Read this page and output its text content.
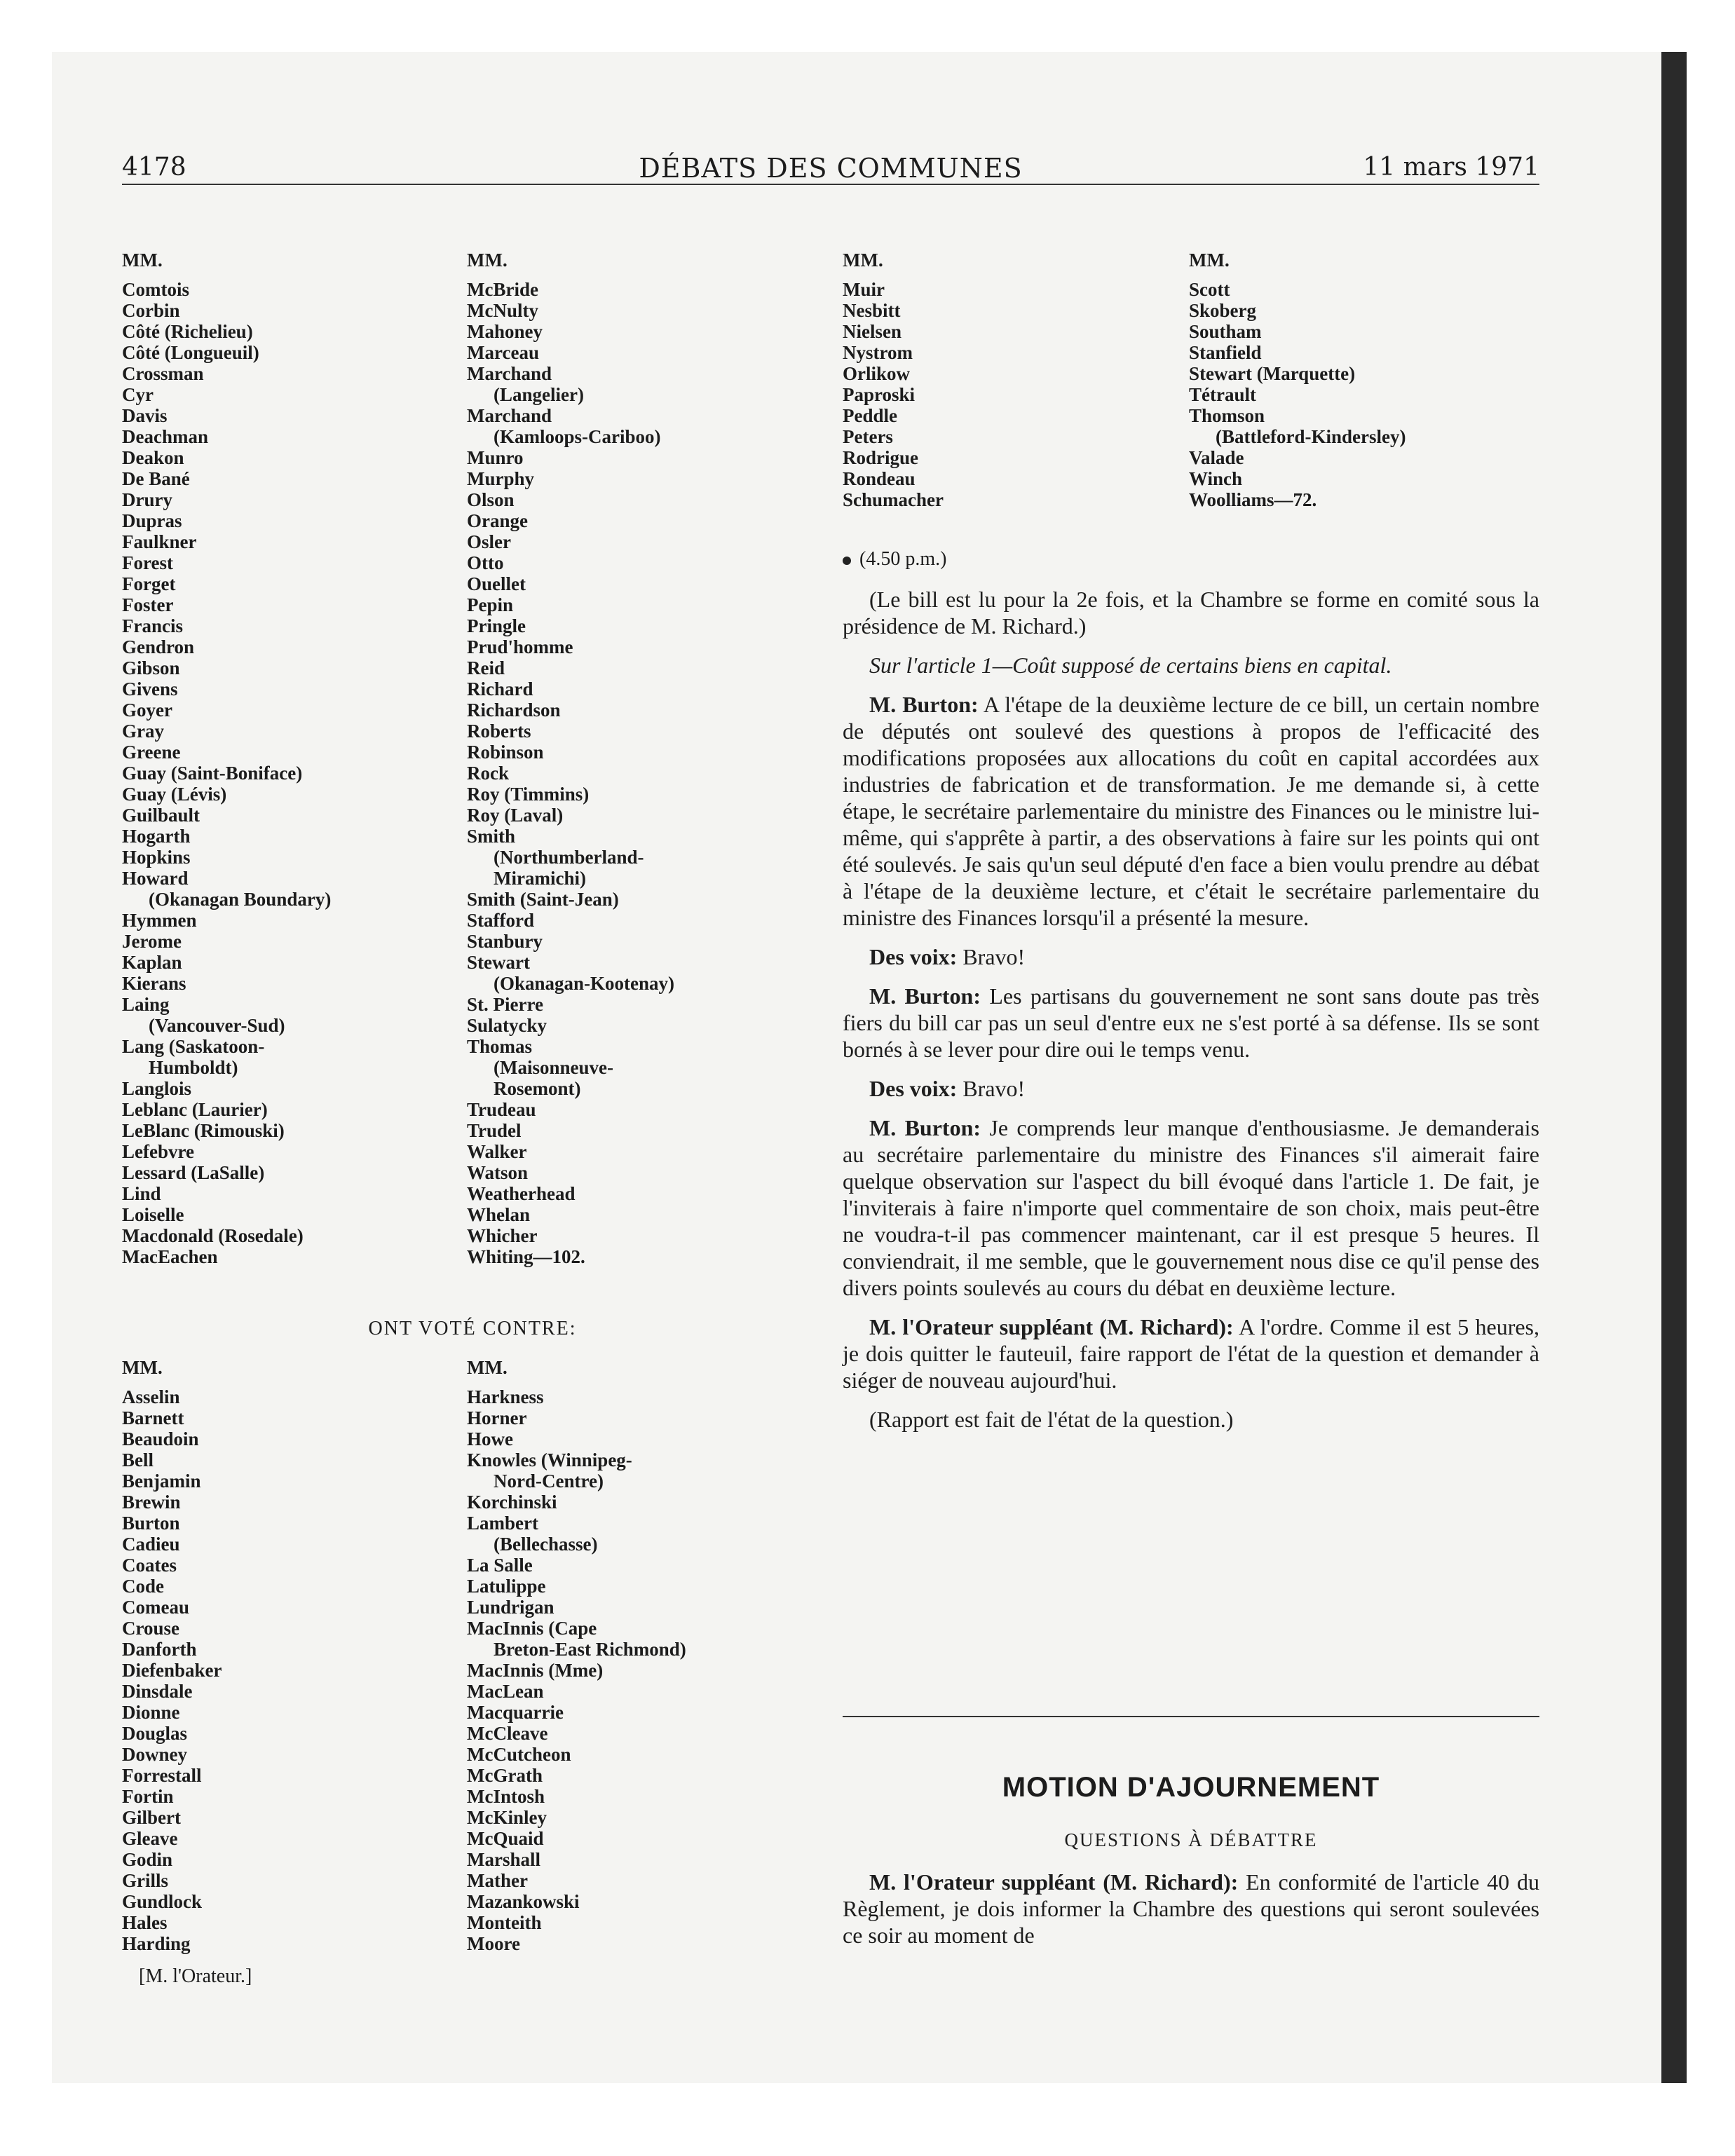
4178	DÉBATS DES COMMUNES	11 mars 1971
MM.
Comtois
Corbin
Côté (Richelieu)
Côté (Longueuil)
Crossman
Cyr
Davis
Deachman
Deakon
De Bané
Drury
Dupras
Faulkner
Forest
Forget
Foster
Francis
Gendron
Gibson
Givens
Goyer
Gray
Greene
Guay (Saint-Boniface)
Guay (Lévis)
Guilbault
Hogarth
Hopkins
Howard
(Okanagan Boundary)
Hymmen
Jerome
Kaplan
Kierans
Laing
(Vancouver-Sud)
Lang (Saskatoon-
Humboldt)
Langlois
Leblanc (Laurier)
LeBlanc (Rimouski)
Lefebvre
Lessard (LaSalle)
Lind
Loiselle
Macdonald (Rosedale)
MacEachen
MM.
McBride
McNulty
Mahoney
Marceau
Marchand
(Langelier)
Marchand
(Kamloops-Cariboo)
Munro
Murphy
Olson
Orange
Osler
Otto
Ouellet
Pepin
Pringle
Prud'homme
Reid
Richard
Richardson
Roberts
Robinson
Rock
Roy (Timmins)
Roy (Laval)
Smith
(Northumberland-
Miramichi)
Smith (Saint-Jean)
Stafford
Stanbury
Stewart
(Okanagan-Kootenay)
St. Pierre
Sulatycky
Thomas
(Maisonneuve-
Rosemont)
Trudeau
Trudel
Walker
Watson
Weatherhead
Whelan
Whicher
Whiting—102.
MM.
Muir
Nesbitt
Nielsen
Nystrom
Orlikow
Paproski
Peddle
Peters
Rodrigue
Rondeau
Schumacher
MM.
Scott
Skoberg
Southam
Stanfield
Stewart (Marquette)
Tétrault
Thomson
(Battleford-Kindersley)
Valade
Winch
Woolliams—72.
ONT VOTÉ CONTRE:
MM.
Asselin
Barnett
Beaudoin
Bell
Benjamin
Brewin
Burton
Cadieu
Coates
Code
Comeau
Crouse
Danforth
Diefenbaker
Dinsdale
Dionne
Douglas
Downey
Forrestall
Fortin
Gilbert
Gleave
Godin
Grills
Gundlock
Hales
Harding
MM.
Harkness
Horner
Howe
Knowles (Winnipeg-
Nord-Centre)
Korchinski
Lambert
(Bellechasse)
La Salle
Latulippe
Lundrigan
MacInnis (Cape
Breton-East Richmond)
MacInnis (Mme)
MacLean
Macquarrie
McCleave
McCutcheon
McGrath
McIntosh
McKinley
McQuaid
Marshall
Mather
Mazankowski
Monteith
Moore
[M. l'Orateur.]
(4.50 p.m.)

(Le bill est lu pour la 2e fois, et la Chambre se forme en comité sous la présidence de M. Richard.)

Sur l'article 1—Coût supposé de certains biens en capital.

M. Burton: A l'étape de la deuxième lecture de ce bill, un certain nombre de députés ont soulevé des questions à propos de l'efficacité des modifications proposées aux allocations du coût en capital accordées aux industries de fabrication et de transformation. Je me demande si, à cette étape, le secrétaire parlementaire du ministre des Finances ou le ministre lui-même, qui s'apprête à partir, a des observations à faire sur les points qui ont été soulevés. Je sais qu'un seul député d'en face a bien voulu prendre au débat à l'étape de la deuxième lecture, et c'était le secrétaire parlementaire du ministre des Finances lorsqu'il a présenté la mesure.

Des voix: Bravo!

M. Burton: Les partisans du gouvernement ne sont sans doute pas très fiers du bill car pas un seul d'entre eux ne s'est porté à sa défense. Ils se sont bornés à se lever pour dire oui le temps venu.

Des voix: Bravo!

M. Burton: Je comprends leur manque d'enthousiasme. Je demanderais au secrétaire parlementaire du ministre des Finances s'il aimerait faire quelque observation sur l'aspect du bill évoqué dans l'article 1. De fait, je l'inviterais à faire n'importe quel commentaire de son choix, mais peut-être ne voudra-t-il pas commencer maintenant, car il est presque 5 heures. Il conviendrait, il me semble, que le gouvernement nous dise ce qu'il pense des divers points soulevés au cours du débat en deuxième lecture.

M. l'Orateur suppléant (M. Richard): A l'ordre. Comme il est 5 heures, je dois quitter le fauteuil, faire rapport de l'état de la question et demander à siéger de nouveau aujourd'hui.

(Rapport est fait de l'état de la question.)

MOTION D'AJOURNEMENT
QUESTIONS À DÉBATTRE

M. l'Orateur suppléant (M. Richard): En conformité de l'article 40 du Règlement, je dois informer la Chambre des questions qui seront soulevées ce soir au moment de
